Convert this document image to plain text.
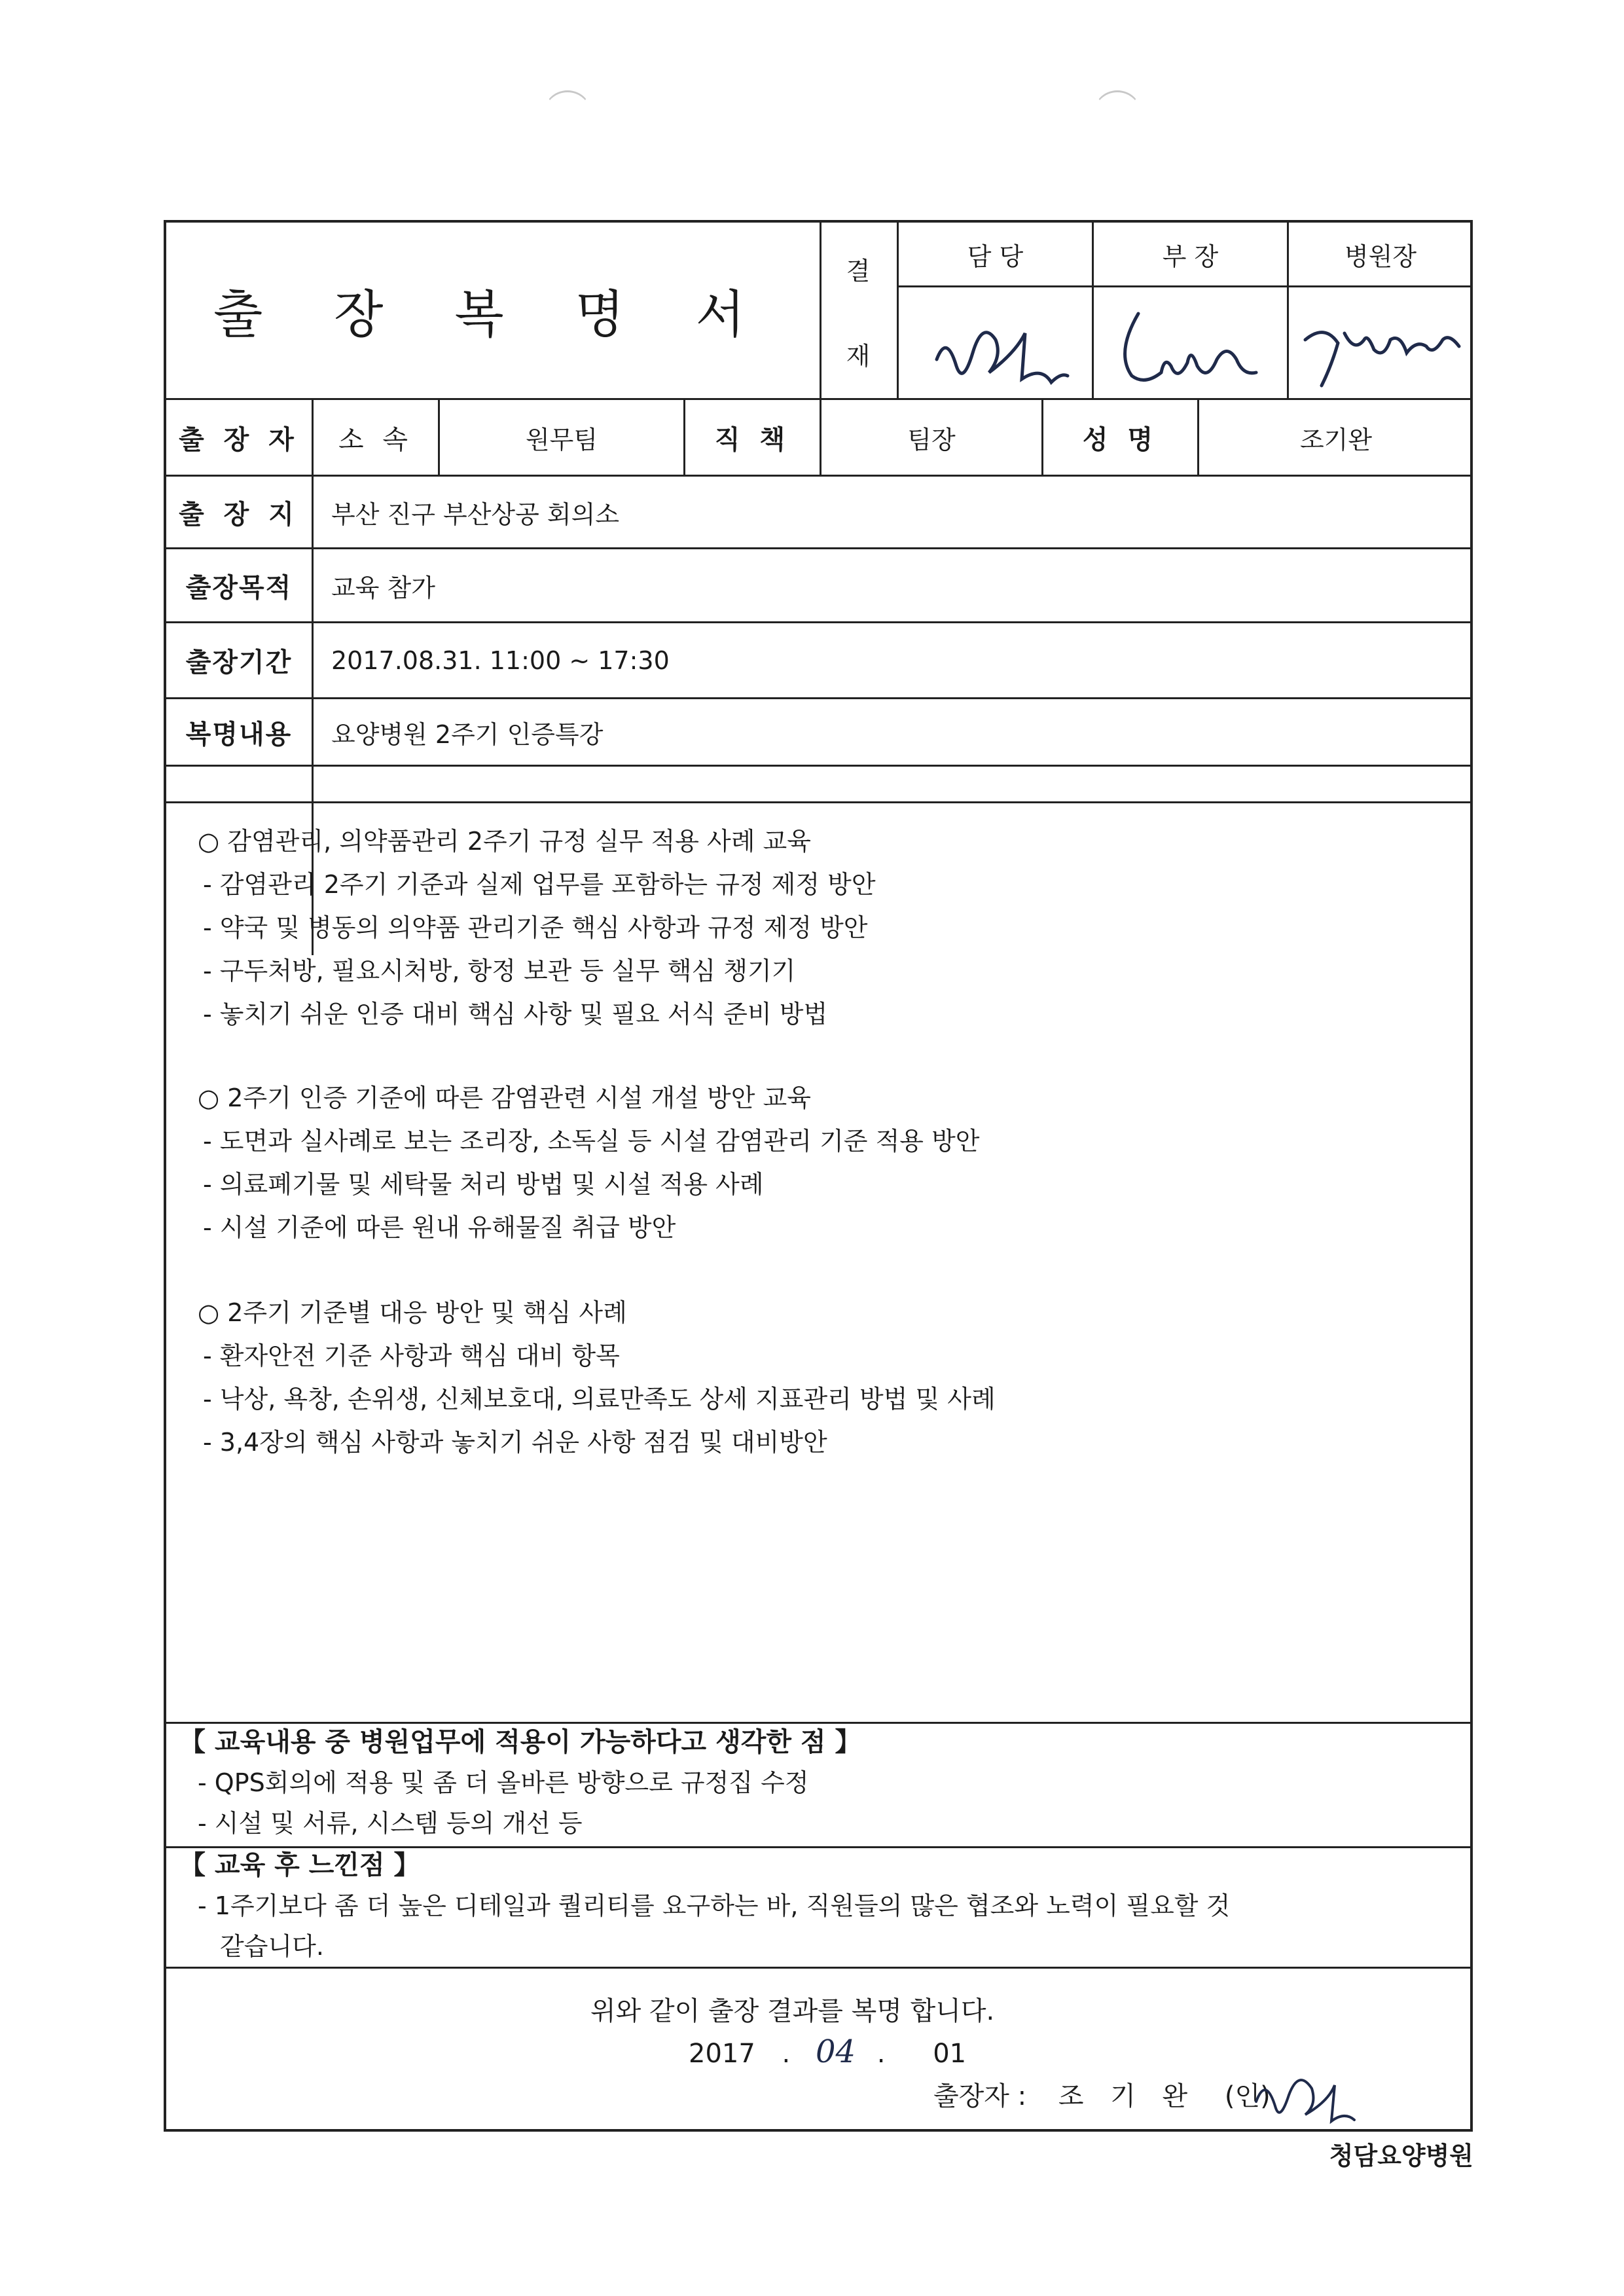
출 장 복 명 서
결
재
담 당	부 장	병원장
출 장 자	소 속	원무팀	직 책	팀장	성 명	조기완
출 장 지	부산 진구 부산상공 회의소
출장목적	교육 참가
출장기간	2017.08.31. 11:00 ~ 17:30
복명내용	요양병원 2주기 인증특강
○ 감염관리, 의약품관리 2주기 규정 실무 적용 사례 교육
- 감염관리 2주기 기준과 실제 업무를 포함하는 규정 제정 방안
- 약국 및 병동의 의약품 관리기준 핵심 사항과 규정 제정 방안
- 구두처방, 필요시처방, 항정 보관 등 실무 핵심 챙기기
- 놓치기 쉬운 인증 대비 핵심 사항 및 필요 서식 준비 방법
○ 2주기 인증 기준에 따른 감염관련 시설 개설 방안 교육
- 도면과 실사례로 보는 조리장, 소독실 등 시설 감염관리 기준 적용 방안
- 의료폐기물 및 세탁물 처리 방법 및 시설 적용 사례
- 시설 기준에 따른 원내 유해물질 취급 방안
○ 2주기 기준별 대응 방안 및 핵심 사례
- 환자안전 기준 사항과 핵심 대비 항목
- 낙상, 욕창, 손위생, 신체보호대, 의료만족도 상세 지표관리 방법 및 사례
- 3,4장의 핵심 사항과 놓치기 쉬운 사항 점검 및 대비방안
【 교육내용 중 병원업무에 적용이 가능하다고 생각한 점 】
- QPS회의에 적용 및 좀 더 올바른 방향으로 규정집 수정
- 시설 및 서류, 시스템 등의 개선 등
【 교육 후 느낀점 】
- 1주기보다 좀 더 높은 디테일과 퀄리티를 요구하는 바, 직원들의 많은 협조와 노력이 필요할 것
같습니다.
위와 같이 출장 결과를 복명 합니다.
2017 . 04 . 01
출장자 : 조 기 완 (인)
청담요양병원
